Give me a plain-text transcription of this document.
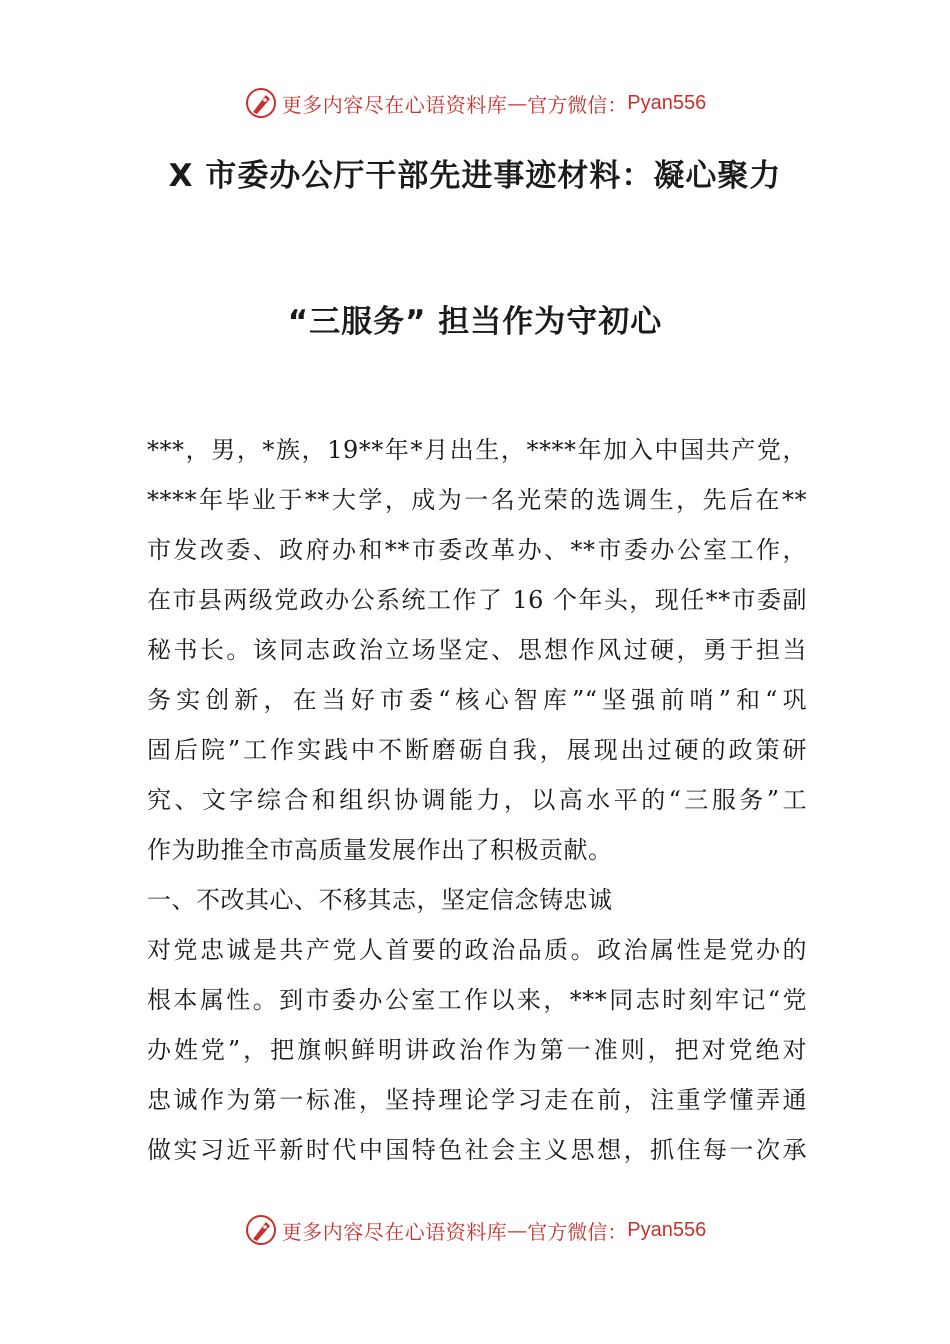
更多内容尽在心语资料库 — 官方微信： Pyan556
X 市委办公厅干部先进事迹材料：凝心聚力
“三服务” 担当作为守初心
***，男，*族，19**年*月出生，****年加入中国共产党，
****年毕业于**大学，成为一名光荣的选调生，先后在**
市发改委、政府办和**市委改革办、**市委办公室工作，
在市县两级党政办公系统工作了 16 个年头，现任**市委副
秘书长。该同志政治立场坚定、思想作风过硬，勇于担当
务实创新，在当好市委“核心智库”“坚强前哨”和“巩
固后院”工作实践中不断磨砺自我，展现出过硬的政策研
究、文字综合和组织协调能力，以高水平的“三服务”工
作为助推全市高质量发展作出了积极贡献。
一、不改其心、不移其志，坚定信念铸忠诚
对党忠诚是共产党人首要的政治品质。政治属性是党办的
根本属性。到市委办公室工作以来，***同志时刻牢记“党
办姓党”，把旗帜鲜明讲政治作为第一准则，把对党绝对
忠诚作为第一标准，坚持理论学习走在前，注重学懂弄通
做实习近平新时代中国特色社会主义思想，抓住每一次承
更多内容尽在心语资料库 — 官方微信： Pyan556
